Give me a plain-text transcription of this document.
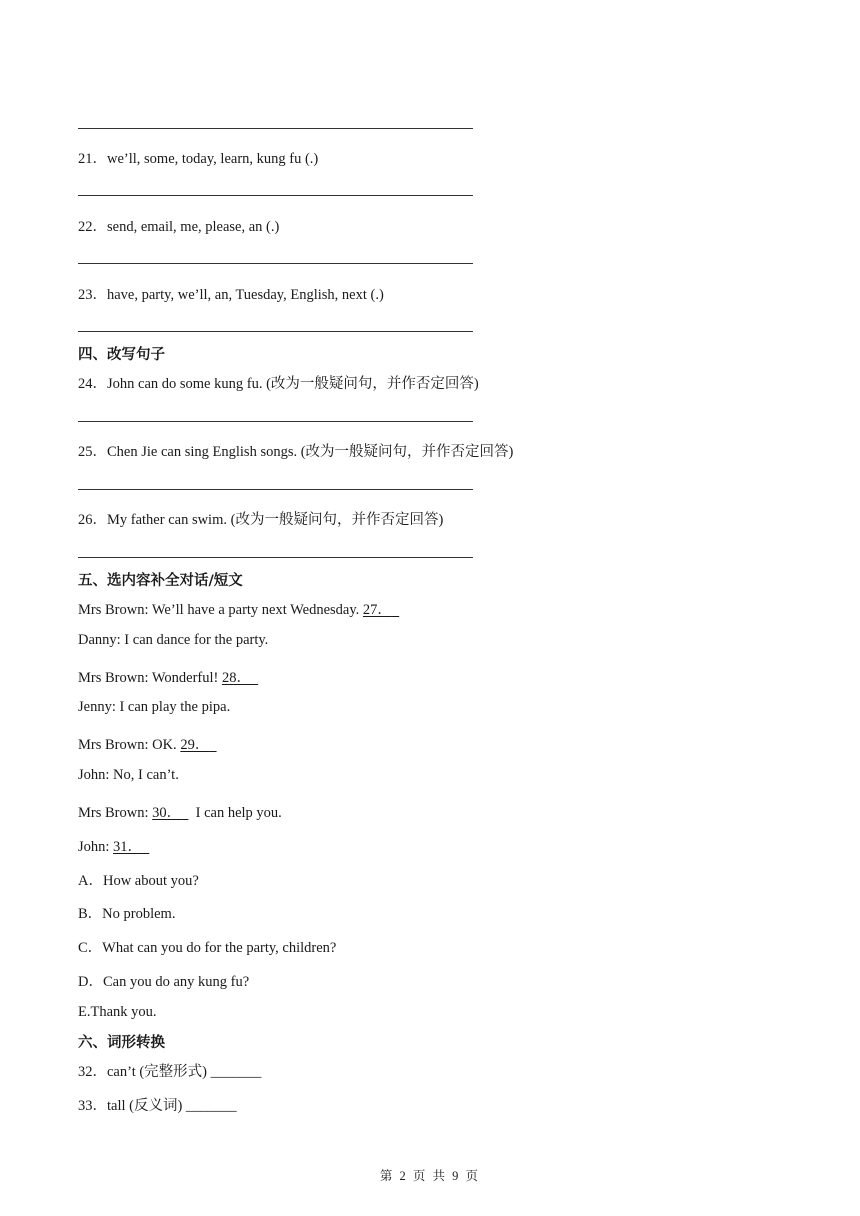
21．we’ll, some, today, learn, kung fu (.)
22．send, email, me, please, an (.)
23．have, party, we’ll, an, Tuesday, English, next (.)
四、改写句子
24．John can do some kung fu. (改为一般疑问句，并作否定回答)
25．Chen Jie can sing English songs. (改为一般疑问句，并作否定回答)
26．My father can swim. (改为一般疑问句，并作否定回答)
五、选内容补全对话/短文
Mrs Brown: We’ll have a party next Wednesday. 27．
Danny: I can dance for the party.
Mrs Brown: Wonderful! 28．
Jenny: I can play the pipa.
Mrs Brown: OK. 29．
John: No, I can’t.
Mrs Brown: 30．    I can help you.
John: 31．
A．How about you?
B．No problem.
C．What can you do for the party, children?
D．Can you do any kung fu?
E.Thank you.
六、词形转换
32．can’t (完整形式) _______
33．tall (反义词) _______
第 2 页 共 9 页
